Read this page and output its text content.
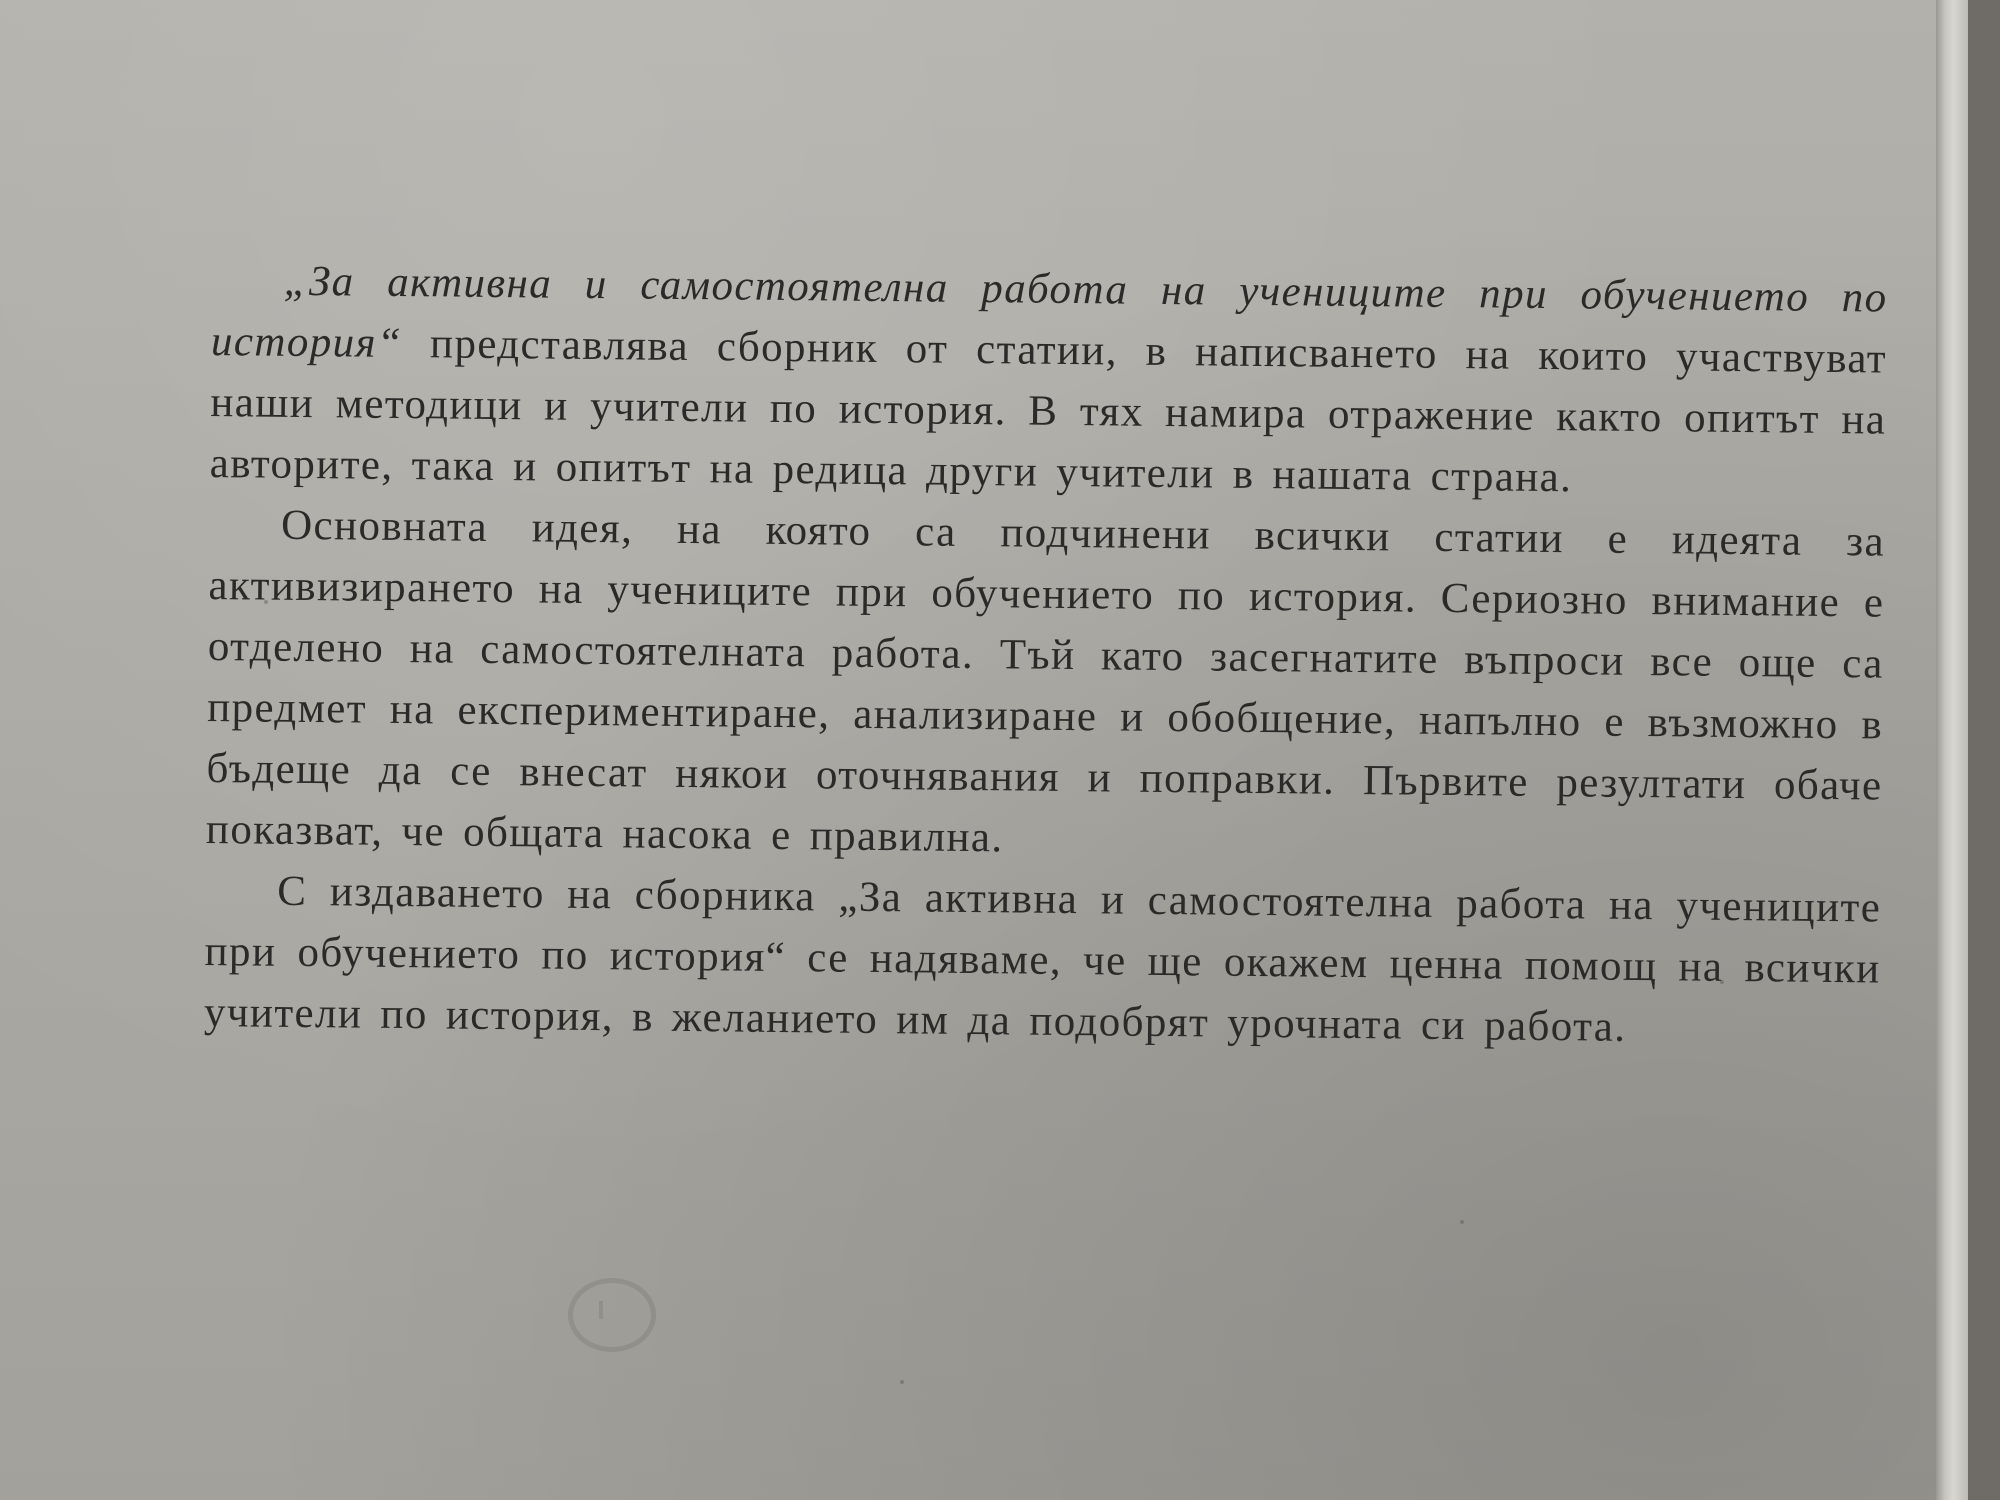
„За активна и самостоятелна работа на учениците при обучението по история“ представлява сборник от статии, в написването на които участвуват наши методици и учители по история. В тях намира отражение както опитът на авторите, така и опитът на редица други учители в нашата страна.

Основната идея, на която са подчинени всички статии е идеята за активизирането на учениците при обучението по история. Сериозно внимание е отделено на самостоятелната работа. Тъй като засегнатите въпроси все още са предмет на експериментиране, анализиране и обобщение, напълно е възможно в бъдеще да се внесат някои оточнявания и поправки. Първите резултати обаче показват, че общата насока е правилна.

С издаването на сборника „За активна и самостоятелна работа на учениците при обучението по история“ се надяваме, че ще окажем ценна помощ на всички учители по история, в желанието им да подобрят урочната си работа.
